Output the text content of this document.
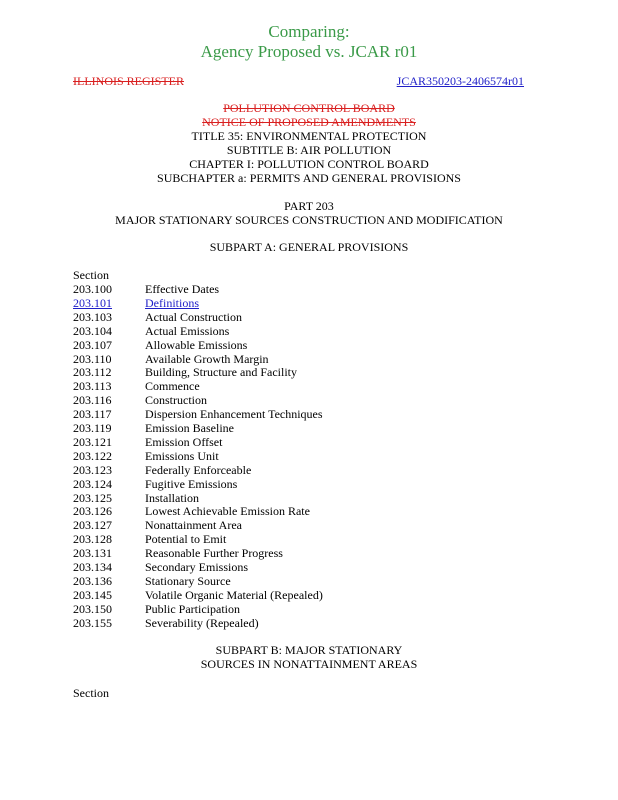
Comparing:
Agency Proposed vs. JCAR r01
ILLINOIS REGISTER	JCAR350203-2406574r01
POLLUTION CONTROL BOARD
NOTICE OF PROPOSED AMENDMENTS
TITLE 35: ENVIRONMENTAL PROTECTION
SUBTITLE B: AIR POLLUTION
CHAPTER I: POLLUTION CONTROL BOARD
SUBCHAPTER a: PERMITS AND GENERAL PROVISIONS
PART 203
MAJOR STATIONARY SOURCES CONSTRUCTION AND MODIFICATION
SUBPART A: GENERAL PROVISIONS
Section
203.100	Effective Dates
203.101	Definitions
203.103	Actual Construction
203.104	Actual Emissions
203.107	Allowable Emissions
203.110	Available Growth Margin
203.112	Building, Structure and Facility
203.113	Commence
203.116	Construction
203.117	Dispersion Enhancement Techniques
203.119	Emission Baseline
203.121	Emission Offset
203.122	Emissions Unit
203.123	Federally Enforceable
203.124	Fugitive Emissions
203.125	Installation
203.126	Lowest Achievable Emission Rate
203.127	Nonattainment Area
203.128	Potential to Emit
203.131	Reasonable Further Progress
203.134	Secondary Emissions
203.136	Stationary Source
203.145	Volatile Organic Material (Repealed)
203.150	Public Participation
203.155	Severability (Repealed)
SUBPART B: MAJOR STATIONARY
SOURCES IN NONATTAINMENT AREAS
Section
